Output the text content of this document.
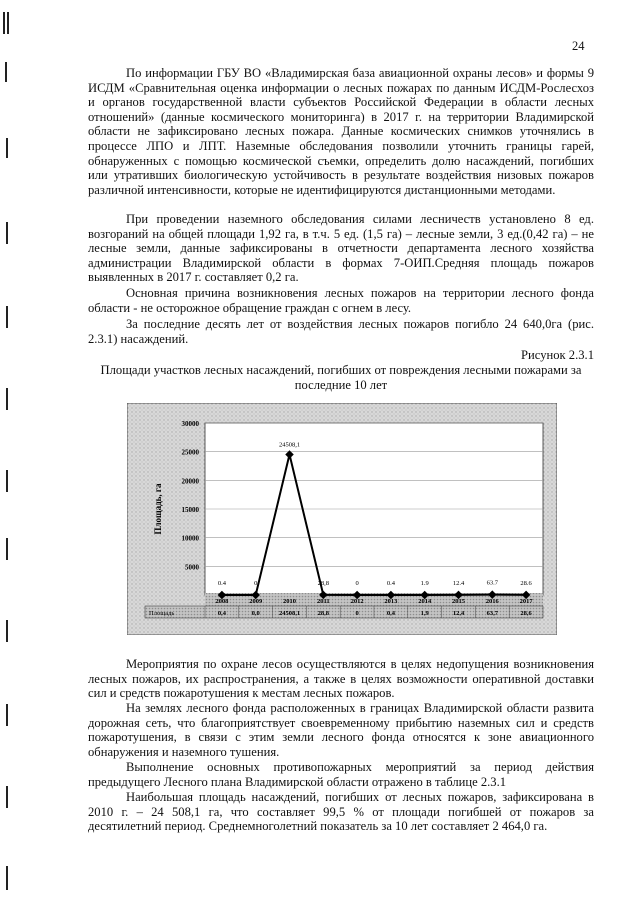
24

По информации ГБУ ВО «Владимирская база авиационной охраны лесов» и формы 9 ИСДМ «Сравнительная оценка информации о лесных пожарах по данным ИСДМ-Рослесхоз и органов государственной власти субъектов Российской Федерации в области лесных отношений» (данные космического мониторинга) в 2017 г. на территории Владимирской области не зафиксировано лесных пожара. Данные космических снимков уточнялись в процессе ЛПО и ЛПТ. Наземные обследования позволили уточнить границы гарей, обнаруженных с помощью космической съемки, определить долю насаждений, погибших или утративших биологическую устойчивость в результате воздействия низовых пожаров различной интенсивности, которые не идентифицируются дистанционными методами.

При проведении наземного обследования силами лесничеств установлено 8 ед. возгораний на общей площади 1,92 га, в т.ч. 5 ед. (1,5 га) – лесные земли, 3 ед.(0,42 га) – не лесные земли, данные зафиксированы в отчетности департамента лесного хозяйства администрации Владимирской области в формах 7-ОИП.Средняя площадь пожаров выявленных в 2017 г. составляет 0,2 га.

Основная причина возникновения лесных пожаров на территории лесного фонда области - не осторожное обращение граждан с огнем в лесу.

За последние десять лет от воздействия лесных пожаров погибло 24 640,0га (рис. 2.3.1) насаждений.

Рисунок 2.3.1
Площади участков лесных насаждений, погибших от повреждения лесными пожарами за последние 10 лет
5000
10000
15000
20000
25000
30000
Площадь, га
0.4	0
24508,1
28,8	0	0.4	1.9	12.4	63.7	28.6
2008	2009	2010	2011	2012	2013	2014	2015	2016	2017
Площадь	0,4	0,0	24508,1	28,8	0	0,4	1,9	12,4	63,7	28,6

Мероприятия по охране лесов осуществляются в целях недопущения возникновения лесных пожаров, их распространения, а также в целях возможности оперативной доставки сил и средств пожаротушения к местам лесных пожаров.

На землях лесного фонда расположенных в границах Владимирской области развита дорожная сеть, что благоприятствует своевременному прибытию наземных сил и средств пожаротушения, в связи с этим земли лесного фонда относятся к зоне авиационного обнаружения и наземного тушения.

Выполнение основных противопожарных мероприятий за период действия предыдущего Лесного плана Владимирской области отражено в таблице 2.3.1

Наибольшая площадь насаждений, погибших от лесных пожаров, зафиксирована в 2010 г. – 24 508,1 га, что составляет 99,5 % от площади погибшей от пожаров за десятилетний период. Среднемноголетний показатель за 10 лет составляет 2 464,0 га.
